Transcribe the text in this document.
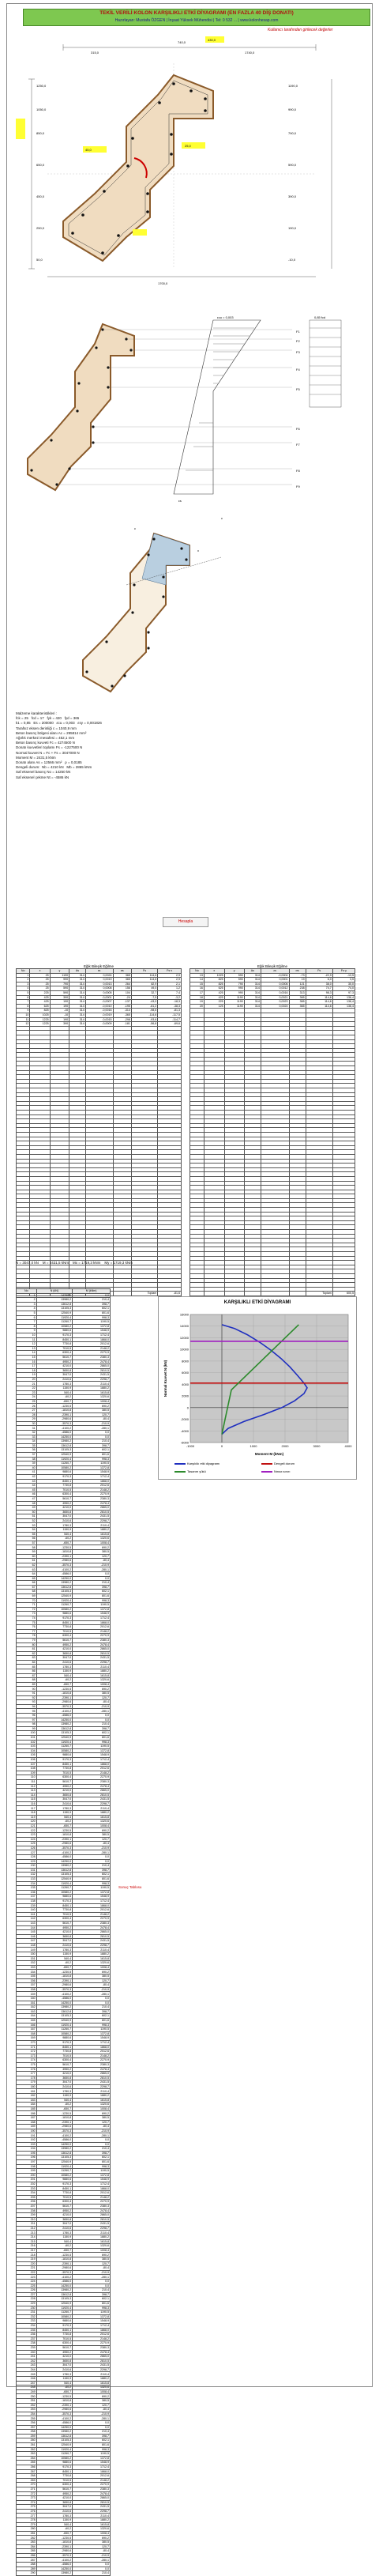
TEKİL VERİLİ KOLON KARŞILIKLI ETKİ DİYAGRAMI (EN FAZLA 40 DİŞ DONATI)
Hazırlayan: Mustafa ÖZGEN | İnşaat Yüksek Mühendisi | Tel: 0 532 ... | www.kolonhesap.com
Kullanıcı tarafından girilecek değerler
740,0
315,0	1740,0
430,0
1250,0
1050,0
850,0
650,0
450,0
250,0
50,0
1190,0
990,0
790,0
590,0
390,0
190,0
-10,0
45,0
25,0
1700,0
εcu = 0,003
εs
0,85 fcd
F1
F2
F3
F4
F5
F6
F7
F8
F9
c
x
c
Malzeme karakteristikleri :
fck = 25   fcd = 17   fyk = 420   fyd = 365
k1 = 0,85   Es = 200000   εcu = 0,003   εsy = 0,001826
Tarafsız eksen derinliği c = 1040,9 mm
Beton basınç bölgesi alanı Ac = 295814 mm²
Ağırlık merkezi mesafesi = 452,1 mm
Beton basınç kuvveti Fc = 4274500 N
Donatı kuvvetleri toplamı Fs = -1227500 N
Normal kuvvet N = Fc + Fs = 3047000 N
Moment M = 2431,5 kNm
Donatı alanı As = 12566 mm²   ρ = 0,0185
Dengeli durum:  Nb = 4210 kN   Mb = 2865 kNm
Saf eksenel basınç No = 14250 kN
Saf eksenel çekme Nt = -4586 kN
Hesapla
Eğik Bileşik Eğilme
No	x	y	As	εs	σs	Fs	Fs·x
1	25	1190	314	0,0024	365	114,6	2,9
2	25	990	314	0,0019	365	114,6	2,9
3	25	790	314	0,0013	264	82,9	2,1
4	25	590	314	0,0008	156	49,0	1,2
5	225	590	314	0,0005	104	32,7	7,4
6	425	390	314	-0,0001	-24	-7,5	-3,2
7	425	190	314	-0,0007	-137	-43,0	-18,3
8	625	190	314	-0,0010	-195	-61,2	-38,3
9	825	-10	314	-0,0016	-314	-98,6	-81,3
10	1025	-10	314	-0,0019	-365	-114,6	-117,5
11	1225	190	314	-0,0015	-298	-93,6	-114,7
12	1225	390	314	-0,0009	-181	-56,8	-69,6

						Toplam	-81,6
Eğik Bileşik Eğilme
No	x	y	As	εs	σs	Fs	Fs·y
13	1025	590	314	-0,0004	-73	-22,9	-13,5
14	825	590	314	0,0001	19	6,0	3,5
15	825	790	314	0,0006	121	38,0	30,0
16	625	990	314	0,0012	238	74,7	74,0
17	425	990	314	0,0016	313	98,3	97,3
18	425	1190	314	0,0021	365	114,6	136,4
19	225	1190	314	0,0023	365	114,6	136,4
20	125	1190	314	0,0024	365	114,6	136,4

						Toplam	600,5
N = 3047,0 kN    M = 2431,5 kNm    Mx = 1719,3 kNm    My = 1719,3 kNm
No	N (kN)	M (kNm)
1	14250,0	0,0
2	13980,2	210,4
3	13612,8	398,7
4	13105,3	602,1
5	12540,9	801,6
6	11920,4	998,3
7	11260,7	1190,5
8	10580,2	1372,8
9	9880,6	1548,9
10	9170,3	1712,4
11	8450,1	1868,0
12	7730,8	2012,6
13	7010,5	2148,2
14	6300,4	2270,9
15	5610,7	2380,3
16	4950,2	2478,4
17	4210,0	2865,0
18	3650,8	2810,5
19	3047,0	2431,5
20	2410,6	2298,7
21	1780,3	2110,4
22	1150,9	1880,2
23	540,4	1615,8
24	-60,2	1320,6
25	-650,7	1008,4
26	-1230,5	690,2
27	-1810,8	380,5
28	-2390,1	120,7
29	-2980,6	-80,4
30	-3570,3	-210,9
31	-4100,2	-280,1
32	-4586,0	0,0
33	14250,0	0,0
34	13980,2	210,4
35	13612,8	398,7
36	13105,3	602,1
37	12540,9	801,6
38	11920,4	998,3
39	11260,7	1190,5
40	10580,2	1372,8
41	9880,6	1548,9
42	9170,3	1712,4
43	8450,1	1868,0
44	7730,8	2012,6
45	7010,5	2148,2
46	6300,4	2270,9
47	5610,7	2380,3
48	4950,2	2478,4
49	4210,0	2865,0
50	3650,8	2810,5
51	3047,0	2431,5
52	2410,6	2298,7
53	1780,3	2110,4
54	1150,9	1880,2
55	540,4	1615,8
56	-60,2	1320,6
57	-650,7	1008,4
58	-1230,5	690,2
59	-1810,8	380,5
60	-2390,1	120,7
61	-2980,6	-80,4
62	-3570,3	-210,9
63	-4100,2	-280,1
64	-4586,0	0,0
65	14250,0	0,0
66	13980,2	210,4
67	13612,8	398,7
68	13105,3	602,1
69	12540,9	801,6
70	11920,4	998,3
71	11260,7	1190,5
72	10580,2	1372,8
73	9880,6	1548,9
74	9170,3	1712,4
75	8450,1	1868,0
76	7730,8	2012,6
77	7010,5	2148,2
78	6300,4	2270,9
79	5610,7	2380,3
80	4950,2	2478,4
81	4210,0	2865,0
82	3650,8	2810,5
83	3047,0	2431,5
84	2410,6	2298,7
85	1780,3	2110,4
86	1150,9	1880,2
87	540,4	1615,8
88	-60,2	1320,6
89	-650,7	1008,4
90	-1230,5	690,2
91	-1810,8	380,5
92	-2390,1	120,7
93	-2980,6	-80,4
94	-3570,3	-210,9
95	-4100,2	-280,1
96	-4586,0	0,0
97	14250,0	0,0
98	13980,2	210,4
99	13612,8	398,7
100	13105,3	602,1
101	12540,9	801,6
102	11920,4	998,3
103	11260,7	1190,5
104	10580,2	1372,8
105	9880,6	1548,9
106	9170,3	1712,4
107	8450,1	1868,0
108	7730,8	2012,6
109	7010,5	2148,2
110	6300,4	2270,9
111	5610,7	2380,3
112	4950,2	2478,4
113	4210,0	2865,0
114	3650,8	2810,5
115	3047,0	2431,5
116	2410,6	2298,7
117	1780,3	2110,4
118	1150,9	1880,2
119	540,4	1615,8
120	-60,2	1320,6
121	-650,7	1008,4
122	-1230,5	690,2
123	-1810,8	380,5
124	-2390,1	120,7
125	-2980,6	-80,4
126	-3570,3	-210,9
127	-4100,2	-280,1
128	-4586,0	0,0
129	14250,0	0,0
130	13980,2	210,4
131	13612,8	398,7
132	13105,3	602,1
133	12540,9	801,6
134	11920,4	998,3
135	11260,7	1190,5
136	10580,2	1372,8
137	9880,6	1548,9
138	9170,3	1712,4
139	8450,1	1868,0
140	7730,8	2012,6
141	7010,5	2148,2
142	6300,4	2270,9
143	5610,7	2380,3
144	4950,2	2478,4
145	4210,0	2865,0
146	3650,8	2810,5
147	3047,0	2431,5
148	2410,6	2298,7
149	1780,3	2110,4
150	1150,9	1880,2
151	540,4	1615,8
152	-60,2	1320,6
153	-650,7	1008,4
154	-1230,5	690,2
155	-1810,8	380,5
156	-2390,1	120,7
157	-2980,6	-80,4
158	-3570,3	-210,9
159	-4100,2	-280,1
160	-4586,0	0,0
161	14250,0	0,0
162	13980,2	210,4
163	13612,8	398,7
164	13105,3	602,1
165	12540,9	801,6
166	11920,4	998,3
167	11260,7	1190,5
168	10580,2	1372,8
169	9880,6	1548,9
170	9170,3	1712,4
171	8450,1	1868,0
172	7730,8	2012,6
173	7010,5	2148,2
174	6300,4	2270,9
175	5610,7	2380,3
176	4950,2	2478,4
177	4210,0	2865,0
178	3650,8	2810,5
179	3047,0	2431,5
180	2410,6	2298,7
181	1780,3	2110,4
182	1150,9	1880,2
183	540,4	1615,8
184	-60,2	1320,6
185	-650,7	1008,4
186	-1230,5	690,2
187	-1810,8	380,5
188	-2390,1	120,7
189	-2980,6	-80,4
190	-3570,3	-210,9
191	-4100,2	-280,1
192	-4586,0	0,0
193	14250,0	0,0
194	13980,2	210,4
195	13612,8	398,7
196	13105,3	602,1
197	12540,9	801,6
198	11920,4	998,3
199	11260,7	1190,5
200	10580,2	1372,8
201	9880,6	1548,9
202	9170,3	1712,4
203	8450,1	1868,0
204	7730,8	2012,6
205	7010,5	2148,2
206	6300,4	2270,9
207	5610,7	2380,3
208	4950,2	2478,4
209	4210,0	2865,0
210	3650,8	2810,5
211	3047,0	2431,5
212	2410,6	2298,7
213	1780,3	2110,4
214	1150,9	1880,2
215	540,4	1615,8
216	-60,2	1320,6
217	-650,7	1008,4
218	-1230,5	690,2
219	-1810,8	380,5
220	-2390,1	120,7
221	-2980,6	-80,4
222	-3570,3	-210,9
223	-4100,2	-280,1
224	-4586,0	0,0
225	14250,0	0,0
226	13980,2	210,4
227	13612,8	398,7
228	13105,3	602,1
229	12540,9	801,6
230	11920,4	998,3
231	11260,7	1190,5
232	10580,2	1372,8
233	9880,6	1548,9
234	9170,3	1712,4
235	8450,1	1868,0
236	7730,8	2012,6
237	7010,5	2148,2
238	6300,4	2270,9
239	5610,7	2380,3
240	4950,2	2478,4
241	4210,0	2865,0
242	3650,8	2810,5
243	3047,0	2431,5
244	2410,6	2298,7
245	1780,3	2110,4
246	1150,9	1880,2
247	540,4	1615,8
248	-60,2	1320,6
249	-650,7	1008,4
250	-1230,5	690,2
251	-1810,8	380,5
252	-2390,1	120,7
253	-2980,6	-80,4
254	-3570,3	-210,9
255	-4100,2	-280,1
256	-4586,0	0,0
257	14250,0	0,0
258	13980,2	210,4
259	13612,8	398,7
260	13105,3	602,1
261	12540,9	801,6
262	11920,4	998,3
263	11260,7	1190,5
264	10580,2	1372,8
265	9880,6	1548,9
266	9170,3	1712,4
267	8450,1	1868,0
268	7730,8	2012,6
269	7010,5	2148,2
270	6300,4	2270,9
271	5610,7	2380,3
272	4950,2	2478,4
273	4210,0	2865,0
274	3650,8	2810,5
275	3047,0	2431,5
276	2410,6	2298,7
277	1780,3	2110,4
278	1150,9	1880,2
279	540,4	1615,8
280	-60,2	1320,6
281	-650,7	1008,4
282	-1230,5	690,2
283	-1810,8	380,5
284	-2390,1	120,7
285	-2980,6	-80,4
286	-3570,3	-210,9
287	-4100,2	-280,1
288	-4586,0	0,0
289	14250,0	0,0
290	13980,2	210,4
Sonuç Tablosu
KARŞILIKLI ETKİ DİYAGRAMI
-6000
-4000
-2000
0
2000
4000
6000
8000
10000
12000
14000
16000
-1000	0	1000	2000	3000	4000
Moment M (kNm)
Normal Kuvvet N (kN)
Karşılıklı etki diyagramı	Dengeli durum
Tasarım yükü	Nmax sınırı
